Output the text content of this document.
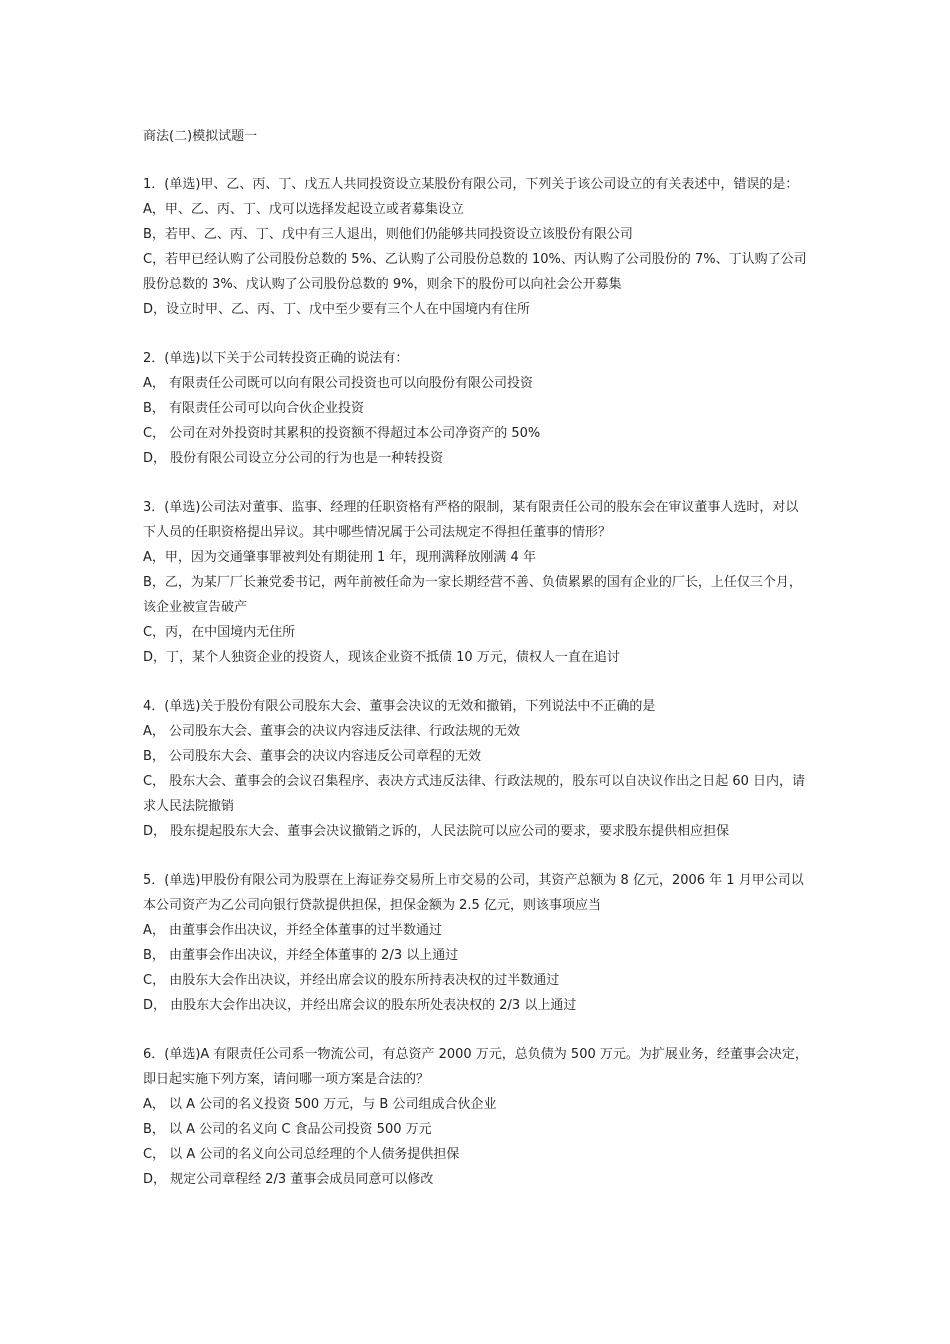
商法(二)模拟试题一

1．(单选)甲、乙、丙、丁、戊五人共同投资设立某股份有限公司，下列关于该公司设立的有关表述中，错误的是：

A，甲、乙、丙、丁、戊可以选择发起设立或者募集设立

B，若甲、乙、丙、丁、戊中有三人退出，则他们仍能够共同投资设立该股份有限公司

C，若甲已经认购了公司股份总数的 5%、乙认购了公司股份总数的 10%、丙认购了公司股份的 7%、丁认购了公司股份总数的 3%、戊认购了公司股份总数的 9%，则余下的股份可以向社会公开募集

D，设立时甲、乙、丙、丁、戊中至少要有三个人在中国境内有住所

2．(单选)以下关于公司转投资正确的说法有：

A， 有限责任公司既可以向有限公司投资也可以向股份有限公司投资

B， 有限责任公司可以向合伙企业投资

C， 公司在对外投资时其累积的投资额不得超过本公司净资产的 50%

D， 股份有限公司设立分公司的行为也是一种转投资

3．(单选)公司法对董事、监事、经理的任职资格有严格的限制，某有限责任公司的股东会在审议董事人选时，对以下人员的任职资格提出异议。其中哪些情况属于公司法规定不得担任董事的情形？

A，甲，因为交通肇事罪被判处有期徒刑 1 年，现刑满释放刚满 4 年

B，乙，为某厂厂长兼党委书记，两年前被任命为一家长期经营不善、负债累累的国有企业的厂长，上任仅三个月，该企业被宣告破产

C，丙，在中国境内无住所

D，丁，某个人独资企业的投资人，现该企业资不抵债 10 万元，债权人一直在追讨

4．(单选)关于股份有限公司股东大会、董事会决议的无效和撤销，下列说法中不正确的是

A， 公司股东大会、董事会的决议内容违反法律、行政法规的无效

B， 公司股东大会、董事会的决议内容违反公司章程的无效

C， 股东大会、董事会的会议召集程序、表决方式违反法律、行政法规的，股东可以自决议作出之日起 60 日内，请求人民法院撤销

D， 股东提起股东大会、董事会决议撤销之诉的，人民法院可以应公司的要求，要求股东提供相应担保

5．(单选)甲股份有限公司为股票在上海证券交易所上市交易的公司，其资产总额为 8 亿元，2006 年 1 月甲公司以本公司资产为乙公司向银行贷款提供担保，担保金额为 2.5 亿元，则该事项应当

A， 由董事会作出决议，并经全体董事的过半数通过

B， 由董事会作出决议，并经全体董事的 2/3 以上通过

C， 由股东大会作出决议，并经出席会议的股东所持表决权的过半数通过

D， 由股东大会作出决议，并经出席会议的股东所处表决权的 2/3 以上通过

6．(单选)A 有限责任公司系一物流公司，有总资产 2000 万元，总负债为 500 万元。为扩展业务，经董事会决定，即日起实施下列方案，请问哪一项方案是合法的？

A， 以 A 公司的名义投资 500 万元，与 B 公司组成合伙企业

B， 以 A 公司的名义向 C 食品公司投资 500 万元

C， 以 A 公司的名义向公司总经理的个人债务提供担保

D， 规定公司章程经 2/3 董事会成员同意可以修改
